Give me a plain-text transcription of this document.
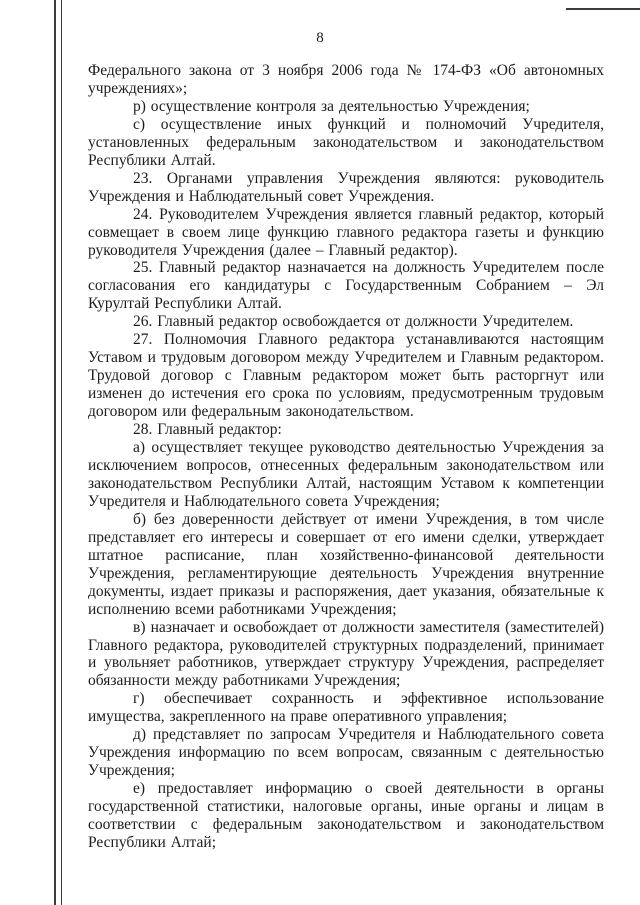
8

Федерального закона от 3 ноября 2006 года № 174-ФЗ «Об автономных учреждениях»;

р) осуществление контроля за деятельностью Учреждения;

с) осуществление иных функций и полномочий Учредителя, установленных федеральным законодательством и законодательством Республики Алтай.

23. Органами управления Учреждения являются: руководитель Учреждения и Наблюдательный совет Учреждения.

24. Руководителем Учреждения является главный редактор, который совмещает в своем лице функцию главного редактора газеты и функцию руководителя Учреждения (далее – Главный редактор).

25. Главный редактор назначается на должность Учредителем после согласования его кандидатуры с Государственным Собранием – Эл Курултай Республики Алтай.

26. Главный редактор освобождается от должности Учредителем.

27. Полномочия Главного редактора устанавливаются настоящим Уставом и трудовым договором между Учредителем и Главным редактором. Трудовой договор с Главным редактором может быть расторгнут или изменен до истечения его срока по условиям, предусмотренным трудовым договором или федеральным законодательством.

28. Главный редактор:

а) осуществляет текущее руководство деятельностью Учреждения за исключением вопросов, отнесенных федеральным законодательством или законодательством Республики Алтай, настоящим Уставом к компетенции Учредителя и Наблюдательного совета Учреждения;

б) без доверенности действует от имени Учреждения, в том числе представляет его интересы и совершает от его имени сделки, утверждает штатное расписание, план хозяйственно-финансовой деятельности Учреждения, регламентирующие деятельность Учреждения внутренние документы, издает приказы и распоряжения, дает указания, обязательные к исполнению всеми работниками Учреждения;

в) назначает и освобождает от должности заместителя (заместителей) Главного редактора, руководителей структурных подразделений, принимает и увольняет работников, утверждает структуру Учреждения, распределяет обязанности между работниками Учреждения;

г) обеспечивает сохранность и эффективное использование имущества, закрепленного на праве оперативного управления;

д) представляет по запросам Учредителя и Наблюдательного совета Учреждения информацию по всем вопросам, связанным с деятельностью Учреждения;

е) предоставляет информацию о своей деятельности в органы государственной статистики, налоговые органы, иные органы и лицам в соответствии с федеральным законодательством и законодательством Республики Алтай;
